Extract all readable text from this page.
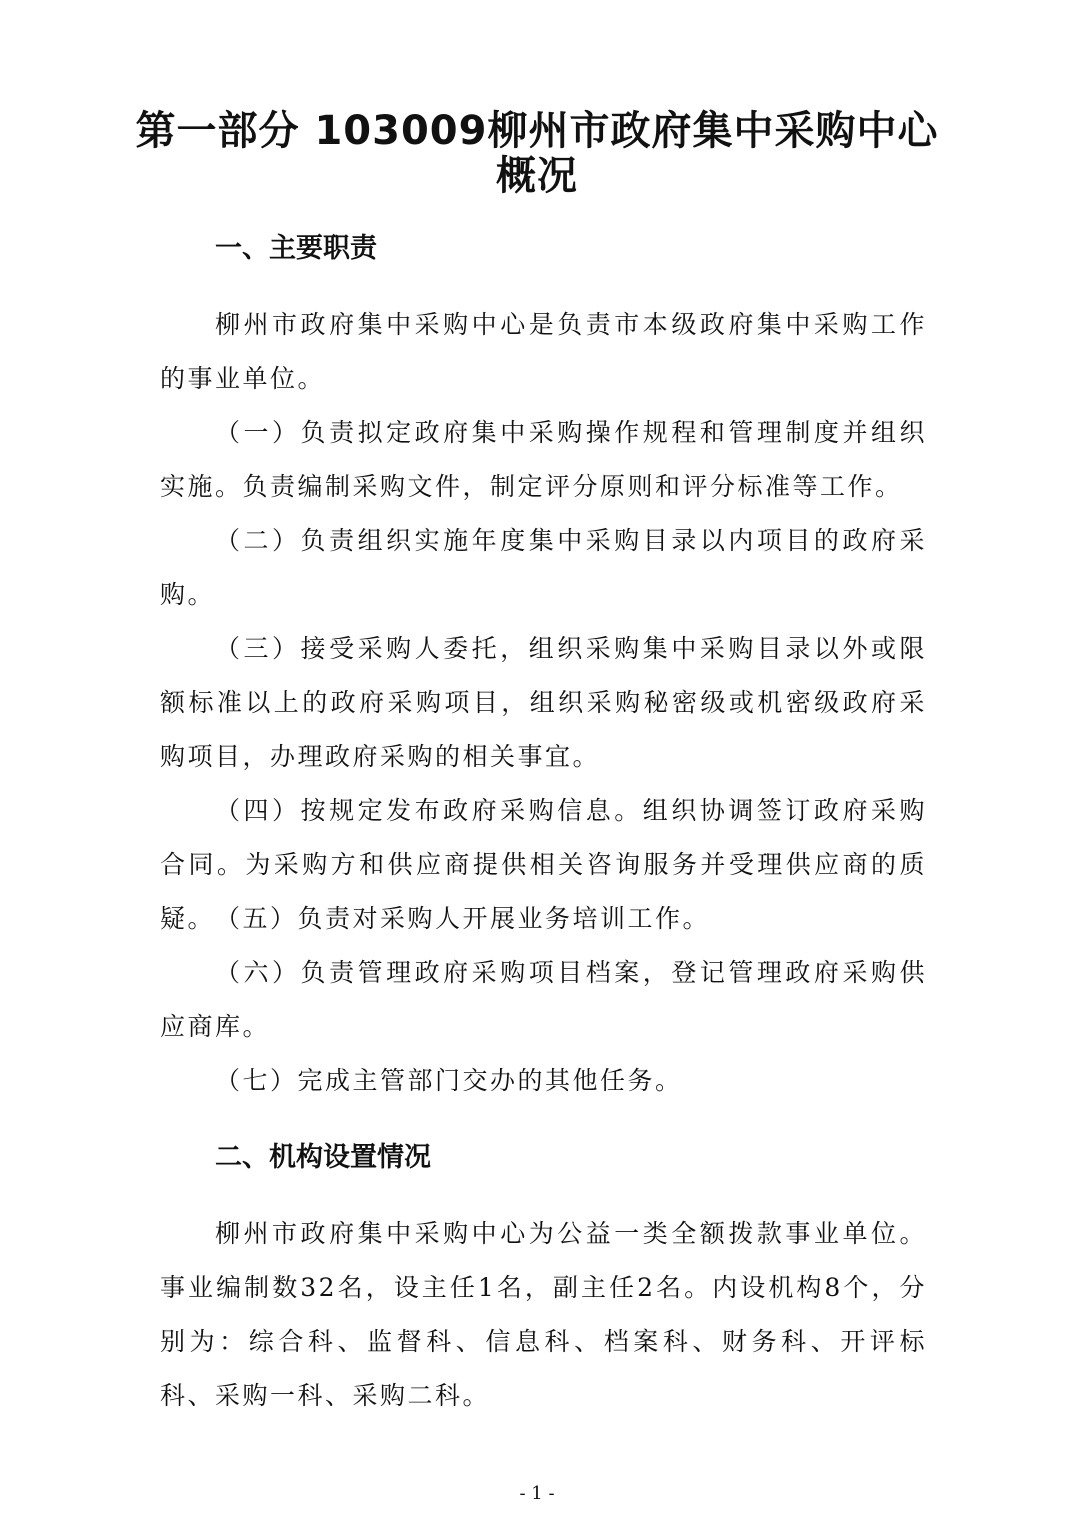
第一部分 103009柳州市政府集中采购中心
概况
一、主要职责

柳州市政府集中采购中心是负责市本级政府集中采购工作的事业单位。

（一）负责拟定政府集中采购操作规程和管理制度并组织实施。负责编制采购文件，制定评分原则和评分标准等工作。

（二）负责组织实施年度集中采购目录以内项目的政府采购。

（三）接受采购人委托，组织采购集中采购目录以外或限额标准以上的政府采购项目，组织采购秘密级或机密级政府采购项目，办理政府采购的相关事宜。

（四）按规定发布政府采购信息。组织协调签订政府采购合同。为采购方和供应商提供相关咨询服务并受理供应商的质疑。 （五）负责对采购人开展业务培训工作。

（六）负责管理政府采购项目档案，登记管理政府采购供应商库。

（七）完成主管部门交办的其他任务。

二、机构设置情况

柳州市政府集中采购中心为公益一类全额拨款事业单位。事业编制数32名，设主任1名，副主任2名。内设机构8个，分别为：综合科、监督科、信息科、档案科、财务科、开评标科、采购一科、采购二科。

- 1 -
